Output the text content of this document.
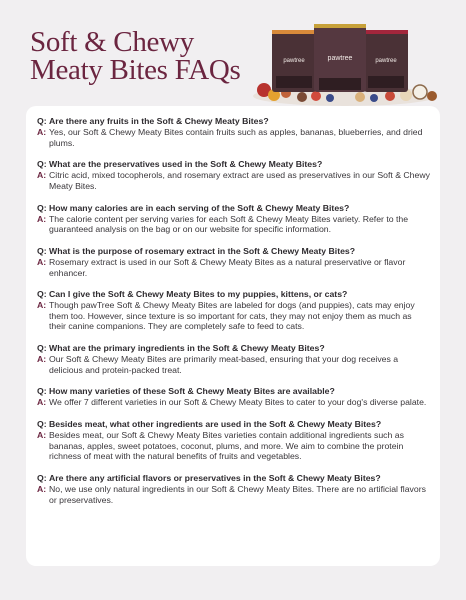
Soft & Chewy
Meaty Bites FAQs	pawtree
pawtree	pawtree
Q: Are there any fruits in the Soft & Chewy Meaty Bites?
A: Yes, our Soft & Chewy Meaty Bites contain fruits such as apples, bananas, blueberries, and dried plums.
Q: What are the preservatives used in the Soft & Chewy Meaty Bites?
A: Citric acid, mixed tocopherols, and rosemary extract are used as preservatives in our Soft & Chewy Meaty Bites.
Q: How many calories are in each serving of the Soft & Chewy Meaty Bites?
A: The calorie content per serving varies for each Soft & Chewy Meaty Bites variety. Refer to the guaranteed analysis on the bag or on our website for specific information.
Q: What is the purpose of rosemary extract in the Soft & Chewy Meaty Bites?
A: Rosemary extract is used in our Soft & Chewy Meaty Bites as a natural preservative or flavor enhancer.
Q: Can I give the Soft & Chewy Meaty Bites to my puppies, kittens, or cats?
A: Though pawTree Soft & Chewy Meaty Bites are labeled for dogs (and puppies), cats may enjoy them too. However, since texture is so important for cats, they may not enjoy them as much as their canine companions. They are completely safe to feed to cats.
Q: What are the primary ingredients in the Soft & Chewy Meaty Bites?
A: Our Soft & Chewy Meaty Bites are primarily meat-based, ensuring that your dog receives a delicious and protein-packed treat.
Q: How many varieties of these Soft & Chewy Meaty Bites are available?
A: We offer 7 different varieties in our Soft & Chewy Meaty Bites to cater to your dog's diverse palate.
Q: Besides meat, what other ingredients are used in the Soft & Chewy Meaty Bites?
A: Besides meat, our Soft & Chewy Meaty Bites varieties contain additional ingredients such as bananas, apples, sweet potatoes, coconut, plums, and more. We aim to combine the protein richness of meat with the natural benefits of fruits and vegetables.
Q: Are there any artificial flavors or preservatives in the Soft & Chewy Meaty Bites?
A: No, we use only natural ingredients in our Soft & Chewy Meaty Bites. There are no artificial flavors or preservatives.
